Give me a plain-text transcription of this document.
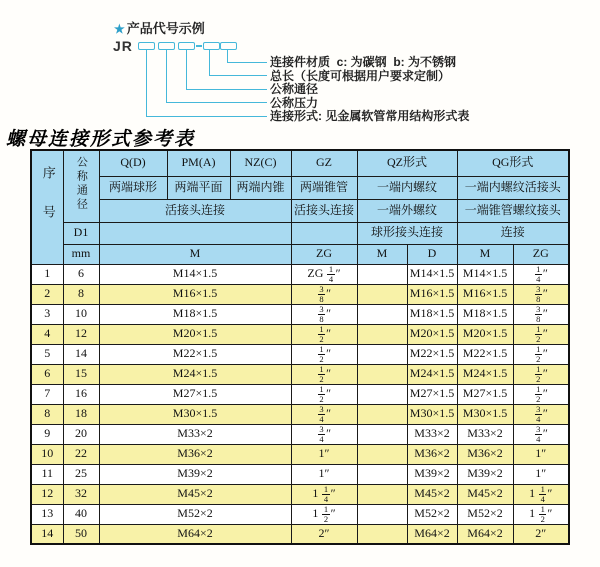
★ 产品代号示例
JR
连接件材质  c: 为碳钢  b: 为不锈钢
总长（长度可根据用户要求定制）
公称通径
公称压力
连接形式: 见金属软管常用结构形式表
螺母连接形式参考表
序号	公称通径	Q(D)	PM(A)	NZ(C)	GZ	QZ形式		QG形式	
		两端球形	两端平面	两端内锥	两端锥管	一端内螺纹		一端内螺纹活接头	
		活接头连接			活接头连接	一端外螺纹		一端锥管螺纹接头	
	D1					球形接头连接		连接	
	mm	M			ZG	M	D	M	ZG
1	6	M14×1.5			ZG $\frac{1}{4}$ ″		M14×1.5	M14×1.5	$\frac{1}{4}$ ″
2	8	M16×1.5			$\frac{3}{8}$ ″		M16×1.5	M16×1.5	$\frac{3}{8}$ ″
3	10	M18×1.5			$\frac{3}{8}$ ″		M18×1.5	M18×1.5	$\frac{3}{8}$ ″
4	12	M20×1.5			$\frac{1}{2}$ ″		M20×1.5	M20×1.5	$\frac{1}{2}$ ″
5	14	M22×1.5			$\frac{1}{2}$ ″		M22×1.5	M22×1.5	$\frac{1}{2}$ ″
6	15	M24×1.5			$\frac{1}{2}$ ″		M24×1.5	M24×1.5	$\frac{1}{2}$ ″
7	16	M27×1.5			$\frac{1}{2}$ ″		M27×1.5	M27×1.5	$\frac{1}{2}$ ″
8	18	M30×1.5			$\frac{3}{4}$ ″		M30×1.5	M30×1.5	$\frac{3}{4}$ ″
9	20	M33×2			$\frac{3}{4}$ ″		M33×2	M33×2	$\frac{3}{4}$ ″
10	22	M36×2			1″		M36×2	M36×2	1″
11	25	M39×2			1″		M39×2	M39×2	1″
12	32	M45×2			$1 \frac{1}{4}$ ″		M45×2	M45×2	$1 \frac{1}{4}$ ″
13	40	M52×2			$1 \frac{1}{2}$ ″		M52×2	M52×2	$1 \frac{1}{2}$ ″
14	50	M64×2			2″		M64×2	M64×2	2″
